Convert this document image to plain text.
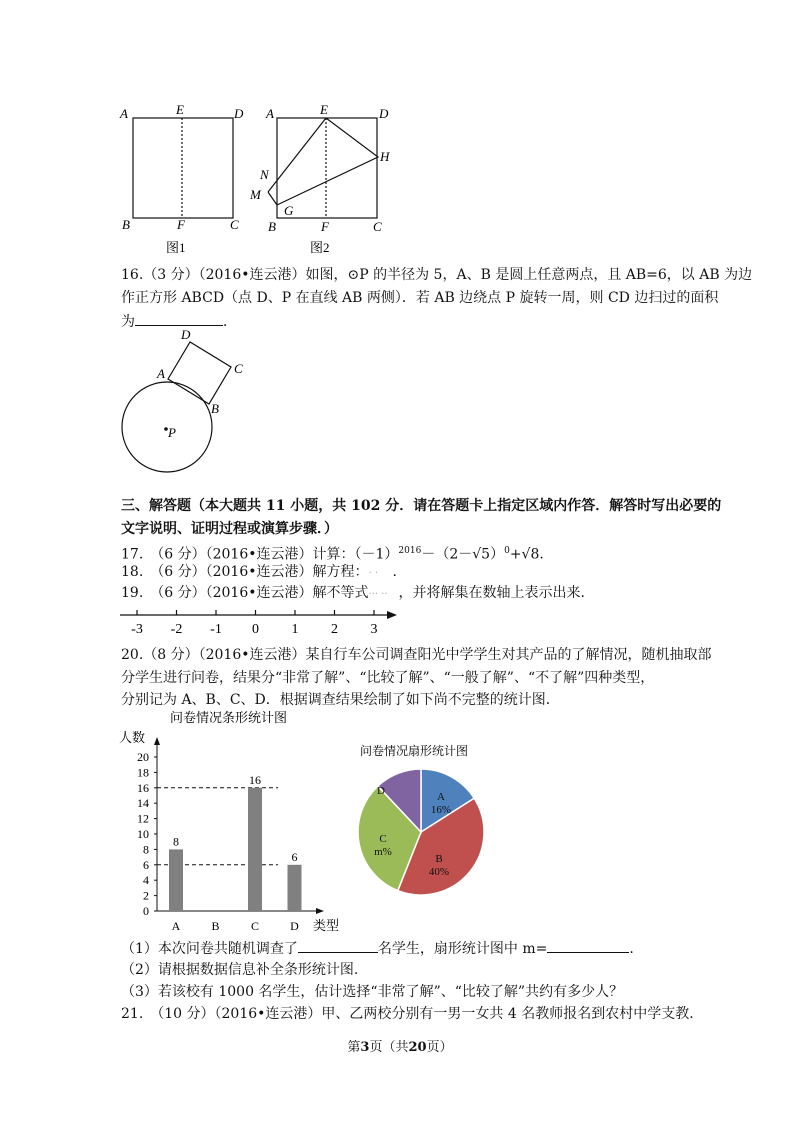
A	E	D
B	F	C
图1
A	E	D
H
N
M
G
B	F	C
图2
16.（3 分）（2016•连云港）如图，⊙P 的半径为 5，A、B 是圆上任意两点，且 AB=6，以 AB 为边
作正方形 ABCD（点 D、P 在直线 AB 两侧）．若 AB 边绕点 P 旋转一周，则 CD 边扫过的面积
为	．
D
C
A
B
P
三、解答题（本大题共 11 小题，共 102 分．请在答题卡上指定区域内作答．解答时写出必要的
文字说明、证明过程或演算步骤．）
17.　（6 分）（2016•连云港）计算：$(-1)^{2016}-(2-√5)^0+√8$.
18.　（6 分）（2016•连云港）解方程：· · .
19.　（6 分）（2016•连云港）解不等式··· ·· ，并将解集在数轴上表示出来.
-3 -2 -1 0 1 2 3
20.（8 分）（2016•连云港）某自行车公司调查阳光中学学生对其产品的了解情况，随机抽取部
分学生进行问卷，结果分“非常了解”、“比较了解”、“一般了解”、“不了解”四种类型，
分别记为 A、B、C、D．根据调查结果绘制了如下尚不完整的统计图．
问卷情况条形统计图
人数
类型
0
2
4
6
8
10
12
14
16
18
20
8
A	B
16
C
6
D
问卷情况扇形统计图
A
16%
B
40%
C
m%
D
（1）本次问卷共随机调查了	名学生，扇形统计图中 m=	.
（2）请根据数据信息补全条形统计图.
（3）若该校有 1000 名学生，估计选择“非常了解”、“比较了解”共约有多少人？
21.　（10 分）（2016•连云港）甲、乙两校分别有一男一女共 4 名教师报名到农村中学支教.
第3页（共20页）
